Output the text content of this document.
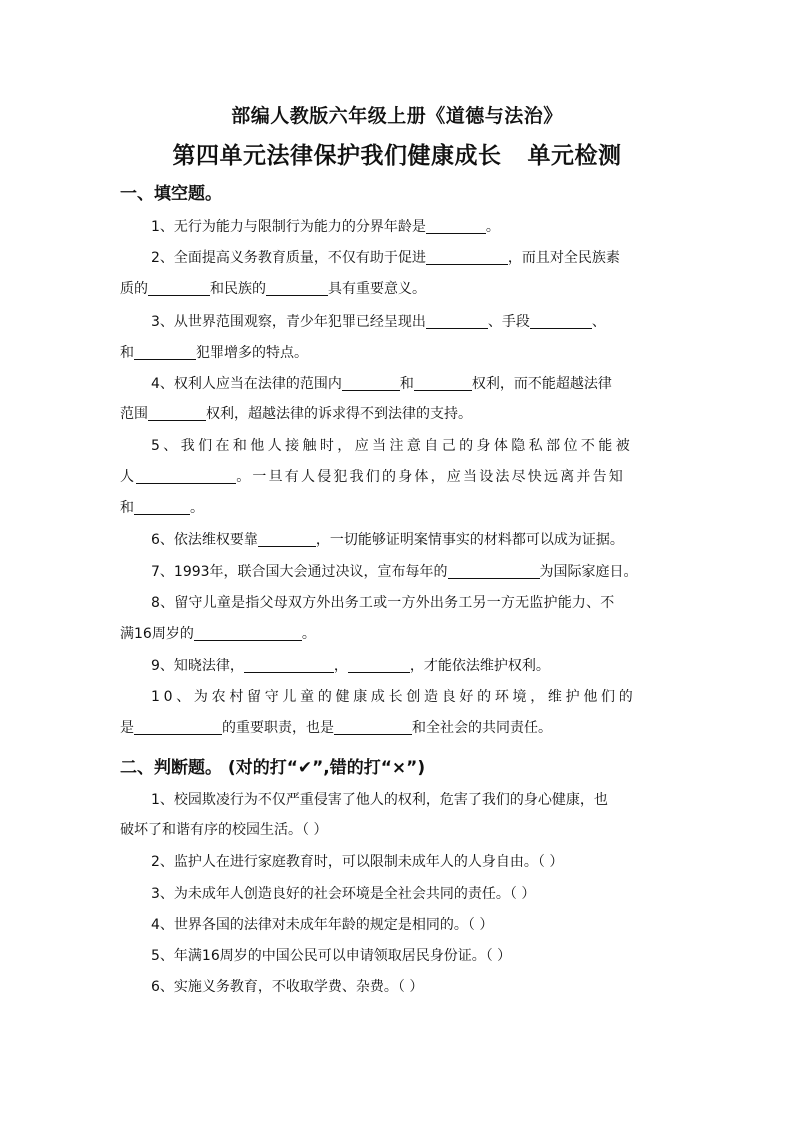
部编人教版六年级上册《道德与法治》
第四单元法律保护我们健康成长 单元检测
一、填空题。
1、无行为能力与限制行为能力的分界年龄是	。
2、全面提高义务教育质量，不仅有助于促进	，而且对全民族素
质的	和民族的	具有重要意义。
3、从世界范围观察，青少年犯罪已经呈现出	、手段	、
和	犯罪增多的特点。
4、权利人应当在法律的范围内	和	权利，而不能超越法律
范围	权利，超越法律的诉求得不到法律的支持。
5、我们在和他人接触时，应当注意自己的身体隐私部位不能被
人	。一旦有人侵犯我们的身体，应当设法尽快远离并告知
和	。
6、依法维权要靠	，一切能够证明案情事实的材料都可以成为证据。
7、1993年，联合国大会通过决议，宣布每年的	为国际家庭日。
8、留守儿童是指父母双方外出务工或一方外出务工另一方无监护能力、不
满16周岁的	。
9、知晓法律，	，	，才能依法维护权利。
10、为农村留守儿童的健康成长创造良好的环境，维护他们的
是	的重要职责，也是	和全社会的共同责任。
二、判断题。 (对的打“✔”,错的打“×”)
1、校园欺凌行为不仅严重侵害了他人的权利，危害了我们的身心健康，也
破坏了和谐有序的校园生活。（ ）
2、监护人在进行家庭教育时，可以限制未成年人的人身自由。（ ）
3、为未成年人创造良好的社会环境是全社会共同的责任。（ ）
4、世界各国的法律对未成年年龄的规定是相同的。（ ）
5、年满16周岁的中国公民可以申请领取居民身份证。（ ）
6、实施义务教育，不收取学费、杂费。（ ）
